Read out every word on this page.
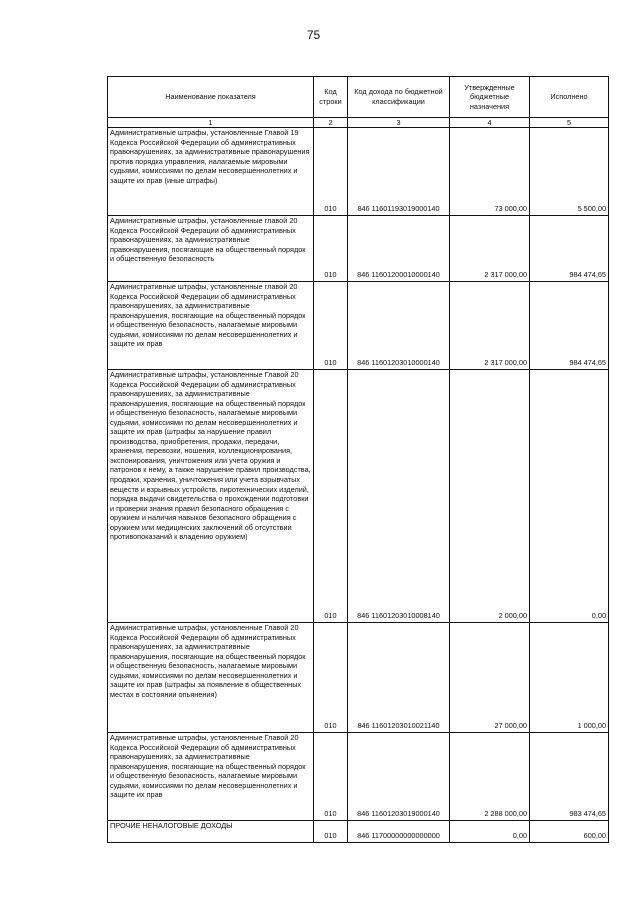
75
Наименование показателя	Код строки	Код дохода по бюджетной классификации	Утвержденные бюджетные назначения	Исполнено
1	2	3	4	5
Административные штрафы, установленные Главой 19 Кодекса Российской Федерации об административных правонарушениях, за административные правонарушения против порядка управления, налагаемые мировыми судьями, комиссиями по делам несовершеннолетних и защите их прав (иные штрафы)	010	846 11601193019000140	73 000,00	5 500,00
Административные штрафы, установленные главой 20 Кодекса Российской Федерации об административных правонарушениях, за административные правонарушения, посягающие на общественный порядок и общественную безопасность	010	846 11601200010000140	2 317 000,00	984 474,65
Административные штрафы, установленные главой 20 Кодекса Российской Федерации об административных правонарушениях, за административные правонарушения, посягающие на общественный порядок и общественную безопасность, налагаемые мировыми судьями, комиссиями по делам несовершеннолетних и защите их прав	010	846 11601203010000140	2 317 000,00	984 474,65
Административные штрафы, установленные Главой 20 Кодекса Российской Федерации об административных правонарушениях, за административные правонарушения, посягающие на общественный порядок и общественную безопасность, налагаемые мировыми судьями, комиссиями по делам несовершеннолетних и защите их прав (штрафы за нарушение правил производства, приобретения, продажи, передачи, хранения, перевозки, ношения, коллекционирования, экспонирования, уничтожения или учета оружия и патронов к нему, а также нарушение правил производства, продажи, хранения, уничтожения или учета взрывчатых веществ и взрывных устройств, пиротехнических изделий, порядка выдачи свидетельства о прохождении подготовки и проверки знания правил безопасного обращения с оружием и наличия навыков безопасного обращения с оружием или медицинских заключений об отсутствии противопоказаний к владению оружием)	010	846 11601203010008140	2 000,00	0,00
Административные штрафы, установленные Главой 20 Кодекса Российской Федерации об административных правонарушениях, за административные правонарушения, посягающие на общественный порядок и общественную безопасность, налагаемые мировыми судьями, комиссиями по делам несовершеннолетних и защите их прав (штрафы за появление в общественных местах в состоянии опьянения)	010	846 11601203010021140	27 000,00	1 000,00
Административные штрафы, установленные Главой 20 Кодекса Российской Федерации об административных правонарушениях, за административные правонарушения, посягающие на общественный порядок и общественную безопасность, налагаемые мировыми судьями, комиссиями по делам несовершеннолетних и защите их прав	010	846 11601203019000140	2 288 000,00	983 474,65
ПРОЧИЕ НЕНАЛОГОВЫЕ ДОХОДЫ	010	846 11700000000000000	0,00	600,00
